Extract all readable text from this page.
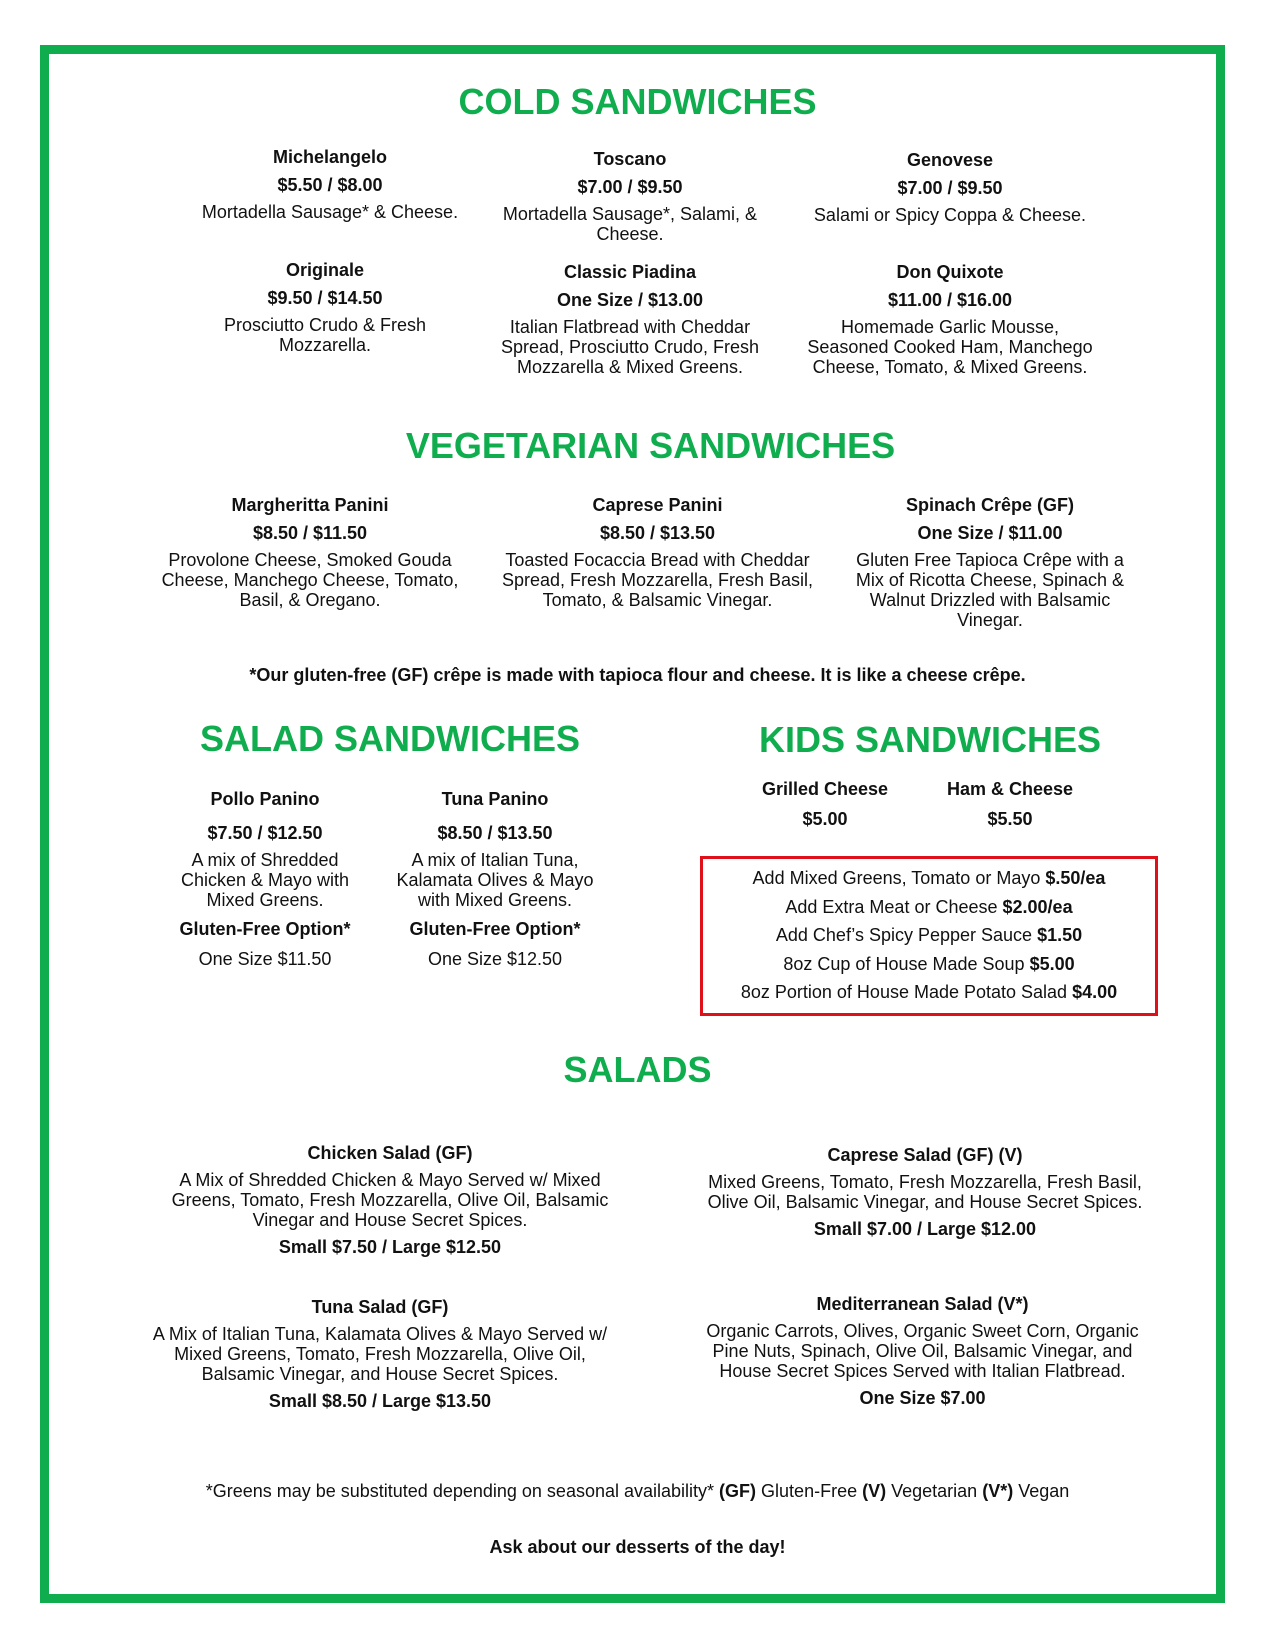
COLD SANDWICHES
Michelangelo
$5.50 / $8.00
Mortadella Sausage* & Cheese.
Toscano
$7.00 / $9.50
Mortadella Sausage*, Salami, & Cheese.
Genovese
$7.00 / $9.50
Salami or Spicy Coppa & Cheese.
Originale
$9.50 / $14.50
Prosciutto Crudo & Fresh Mozzarella.
Classic Piadina
One Size / $13.00
Italian Flatbread with Cheddar Spread, Prosciutto Crudo, Fresh Mozzarella & Mixed Greens.
Don Quixote
$11.00 / $16.00
Homemade Garlic Mousse, Seasoned Cooked Ham, Manchego Cheese, Tomato, & Mixed Greens.
VEGETARIAN SANDWICHES
Margheritta Panini
$8.50 / $11.50
Provolone Cheese, Smoked Gouda Cheese, Manchego Cheese, Tomato, Basil, & Oregano.
Caprese Panini
$8.50 / $13.50
Toasted Focaccia Bread with Cheddar Spread, Fresh Mozzarella, Fresh Basil, Tomato, & Balsamic Vinegar.
Spinach Crêpe (GF)
One Size / $11.00
Gluten Free Tapioca Crêpe with a Mix of Ricotta Cheese, Spinach & Walnut Drizzled with Balsamic Vinegar.
*Our gluten-free (GF) crêpe is made with tapioca flour and cheese. It is like a cheese crêpe.
SALAD SANDWICHES
Pollo Panino
$7.50 / $12.50
A mix of Shredded Chicken & Mayo with Mixed Greens.
Gluten-Free Option*
One Size $11.50
Tuna Panino
$8.50 / $13.50
A mix of Italian Tuna, Kalamata Olives & Mayo with Mixed Greens.
Gluten-Free Option*
One Size $12.50
KIDS SANDWICHES
Grilled Cheese
$5.00
Ham & Cheese
$5.50
Add Mixed Greens, Tomato or Mayo $.50/ea
Add Extra Meat or Cheese $2.00/ea
Add Chef’s Spicy Pepper Sauce $1.50
8oz Cup of House Made Soup $5.00
8oz Portion of House Made Potato Salad $4.00
SALADS
Chicken Salad (GF)
A Mix of Shredded Chicken & Mayo Served w/ Mixed Greens, Tomato, Fresh Mozzarella, Olive Oil, Balsamic Vinegar and House Secret Spices.
Small $7.50 / Large $12.50
Caprese Salad (GF) (V)
Mixed Greens, Tomato, Fresh Mozzarella, Fresh Basil, Olive Oil, Balsamic Vinegar, and House Secret Spices.
Small $7.00 / Large $12.00
Tuna Salad (GF)
A Mix of Italian Tuna, Kalamata Olives & Mayo Served w/ Mixed Greens, Tomato, Fresh Mozzarella, Olive Oil, Balsamic Vinegar, and House Secret Spices.
Small $8.50 / Large $13.50
Mediterranean Salad (V*)
Organic Carrots, Olives, Organic Sweet Corn, Organic Pine Nuts, Spinach, Olive Oil, Balsamic Vinegar, and House Secret Spices Served with Italian Flatbread.
One Size $7.00
*Greens may be substituted depending on seasonal availability* (GF) Gluten-Free (V) Vegetarian (V*) Vegan
Ask about our desserts of the day!
